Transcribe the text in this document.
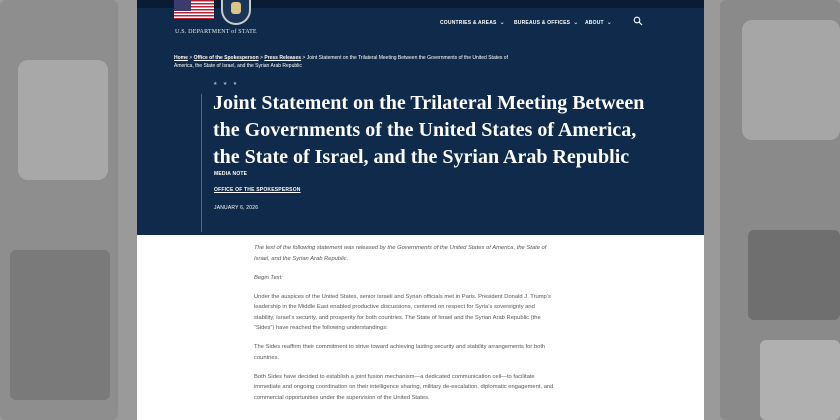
U.S. DEPARTMENT of STATE
COUNTRIES & AREAS ⌄ BUREAUS & OFFICES ⌄ ABOUT ⌄
Home > Office of the Spokesperson > Press Releases > Joint Statement on the Trilateral Meeting Between the Governments of the United States of America, the State of Israel, and the Syrian Arab Republic
★ ★ ★
Joint Statement on the Trilateral Meeting Between the Governments of the United States of America, the State of Israel, and the Syrian Arab Republic
MEDIA NOTE
OFFICE OF THE SPOKESPERSON
JANUARY 6, 2026

The text of the following statement was released by the Governments of the United States of America, the State of Israel, and the Syrian Arab Republic.

Begin Text:

Under the auspices of the United States, senior Israeli and Syrian officials met in Paris. President Donald J. Trump’s leadership in the Middle East enabled productive discussions, centered on respect for Syria’s sovereignty and stability, Israel’s security, and prosperity for both countries. The State of Israel and the Syrian Arab Republic (the “Sides”) have reached the following understandings:

The Sides reaffirm their commitment to strive toward achieving lasting security and stability arrangements for both countries.

Both Sides have decided to establish a joint fusion mechanism—a dedicated communication cell—to facilitate immediate and ongoing coordination on their intelligence sharing, military de-escalation, diplomatic engagement, and commercial opportunities under the supervision of the United States.
